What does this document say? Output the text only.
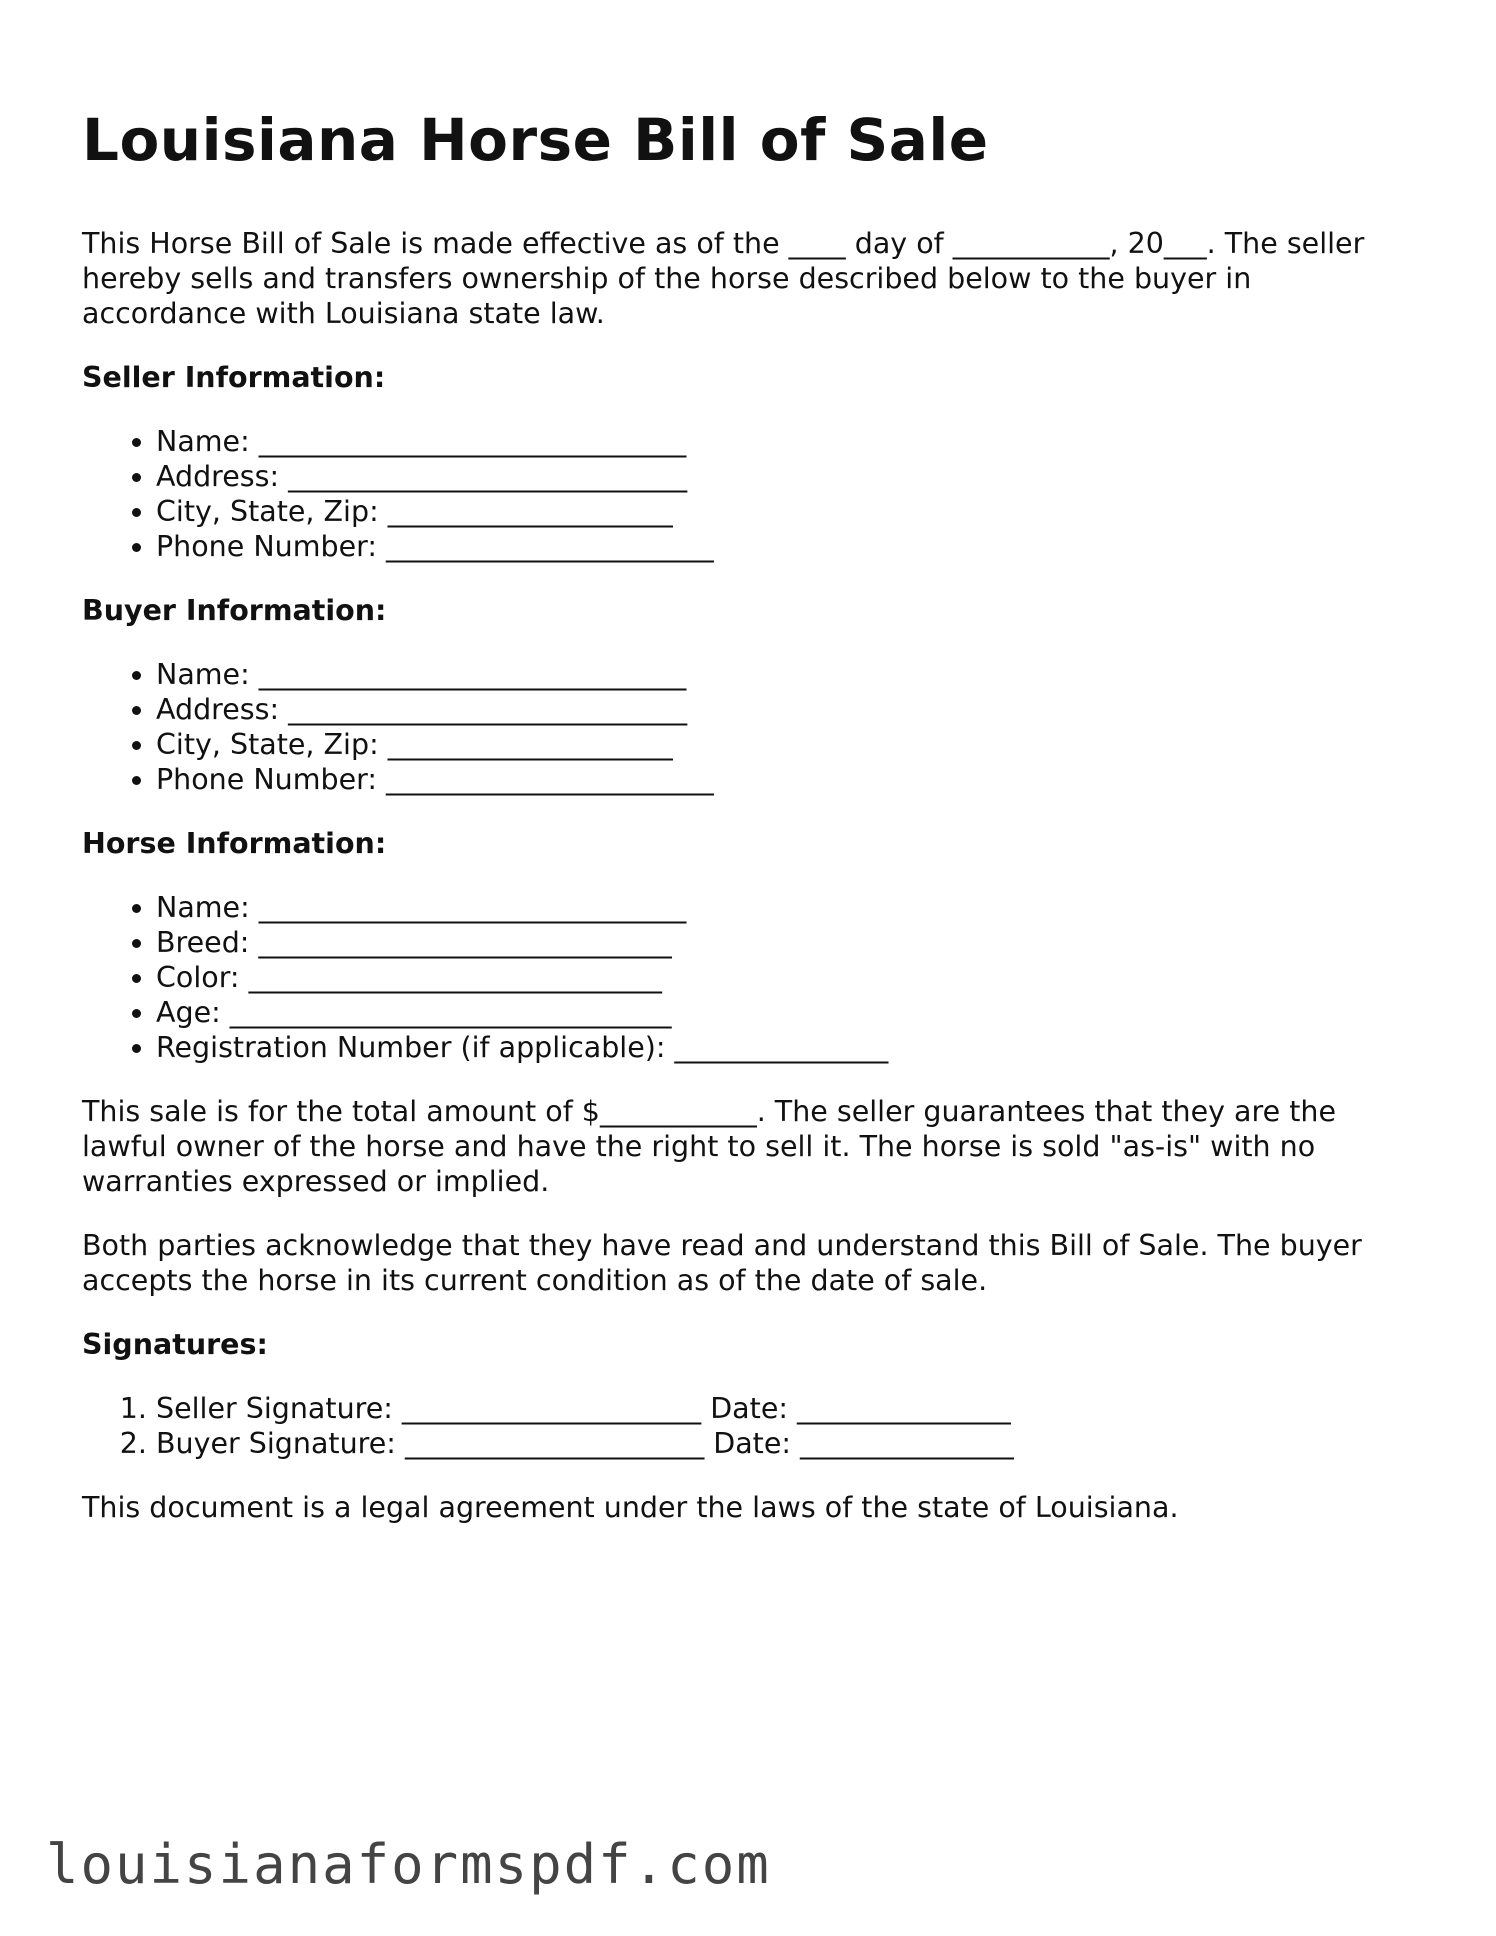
Louisiana Horse Bill of Sale

This Horse Bill of Sale is made effective as of the ____ day of ___________, 20___. The seller hereby sells and transfers ownership of the horse described below to the buyer in accordance with Louisiana state law.

Seller Information:
• Name: ______________________________
• Address: ____________________________
• City, State, Zip: ____________________
• Phone Number: _______________________
Buyer Information:
• Name: ______________________________
• Address: ____________________________
• City, State, Zip: ____________________
• Phone Number: _______________________
Horse Information:
• Name: ______________________________
• Breed: _____________________________
• Color: _____________________________
• Age: _______________________________
• Registration Number (if applicable): _______________

This sale is for the total amount of $___________. The seller guarantees that they are the lawful owner of the horse and have the right to sell it. The horse is sold "as-is" with no warranties expressed or implied.

Both parties acknowledge that they have read and understand this Bill of Sale. The buyer accepts the horse in its current condition as of the date of sale.

Signatures:
1. Seller Signature: _____________________ Date: _______________
2. Buyer Signature: _____________________ Date: _______________

This document is a legal agreement under the laws of the state of Louisiana.

louisianaformspdf.com
